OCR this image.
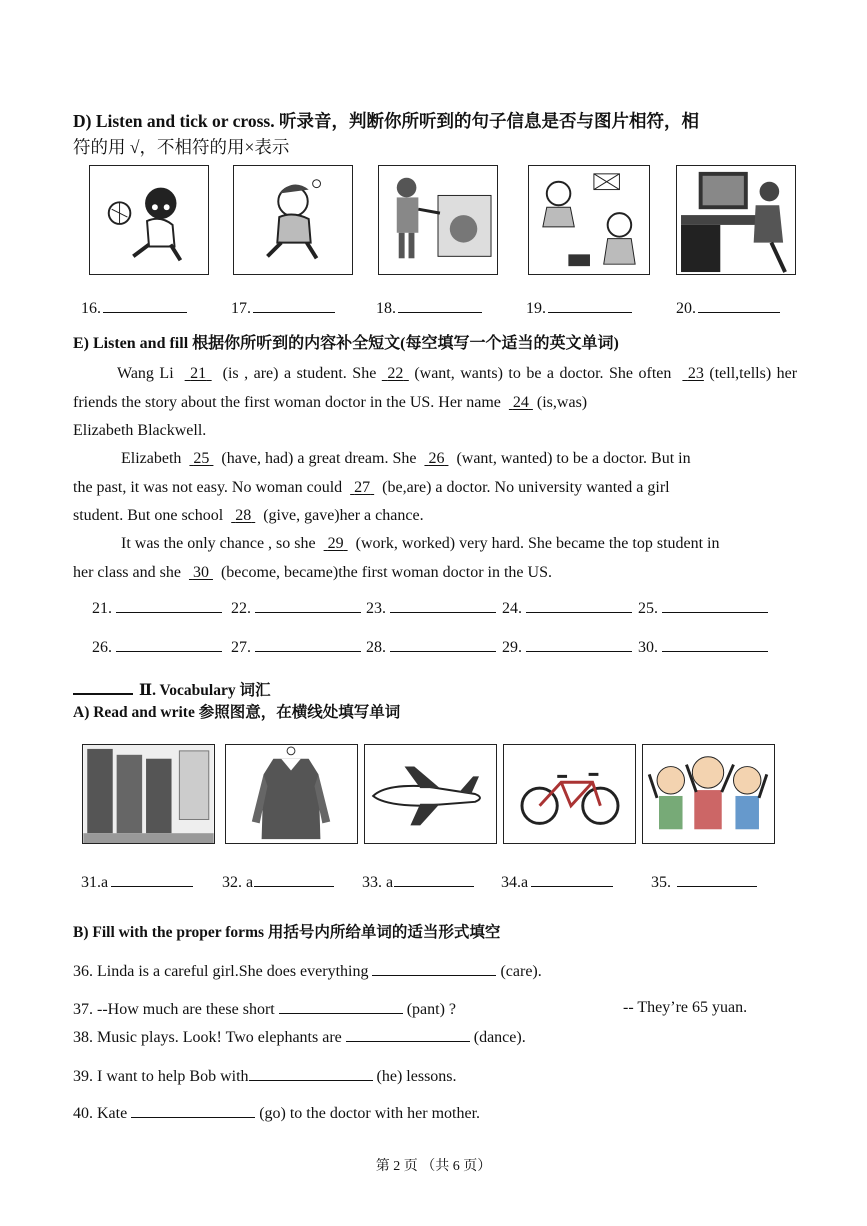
D) Listen and tick or cross. 听录音，判断你所听到的句子信息是否与图片相符，相
符的用 √，不相符的用×表示
16.	17.	18.	19.	20.
E) Listen and fill 根据你所听到的内容补全短文(每空填写一个适当的英文单词)
Wang Li 21 (is , are) a student. She 22 (want, wants) to be a doctor. She often 23 (tell,tells) her friends the story about the first woman doctor in the US. Her name 24 (is,was)
Elizabeth Blackwell.
Elizabeth 25 (have, had) a great dream. She 26 (want, wanted) to be a doctor. But in
the past, it was not easy. No woman could 27 (be,are) a doctor. No university wanted a girl
student. But one school 28 (give, gave)her a chance.
It was the only chance , so she 29 (work, worked) very hard. She became the top student in
her class and she 30 (become, became)the first woman doctor in the US.
21.	22.	23.	24.	25.
26.	27.	28.	29.	30.
Ⅱ. Vocabulary 词汇
A) Read and write 参照图意，在横线处填写单词
31.a	32. a	33. a	34.a	35.
B) Fill with the proper forms 用括号内所给单词的适当形式填空
36. Linda is a careful girl.She does everything	(care).
37. --How much are these short	(pant) ?	-- They’re 65 yuan.
38. Music plays. Look! Two elephants are	(dance).
39. I want to help Bob with	(he) lessons.
40. Kate	(go) to the doctor with her mother.
第 2 页 （共 6 页）
